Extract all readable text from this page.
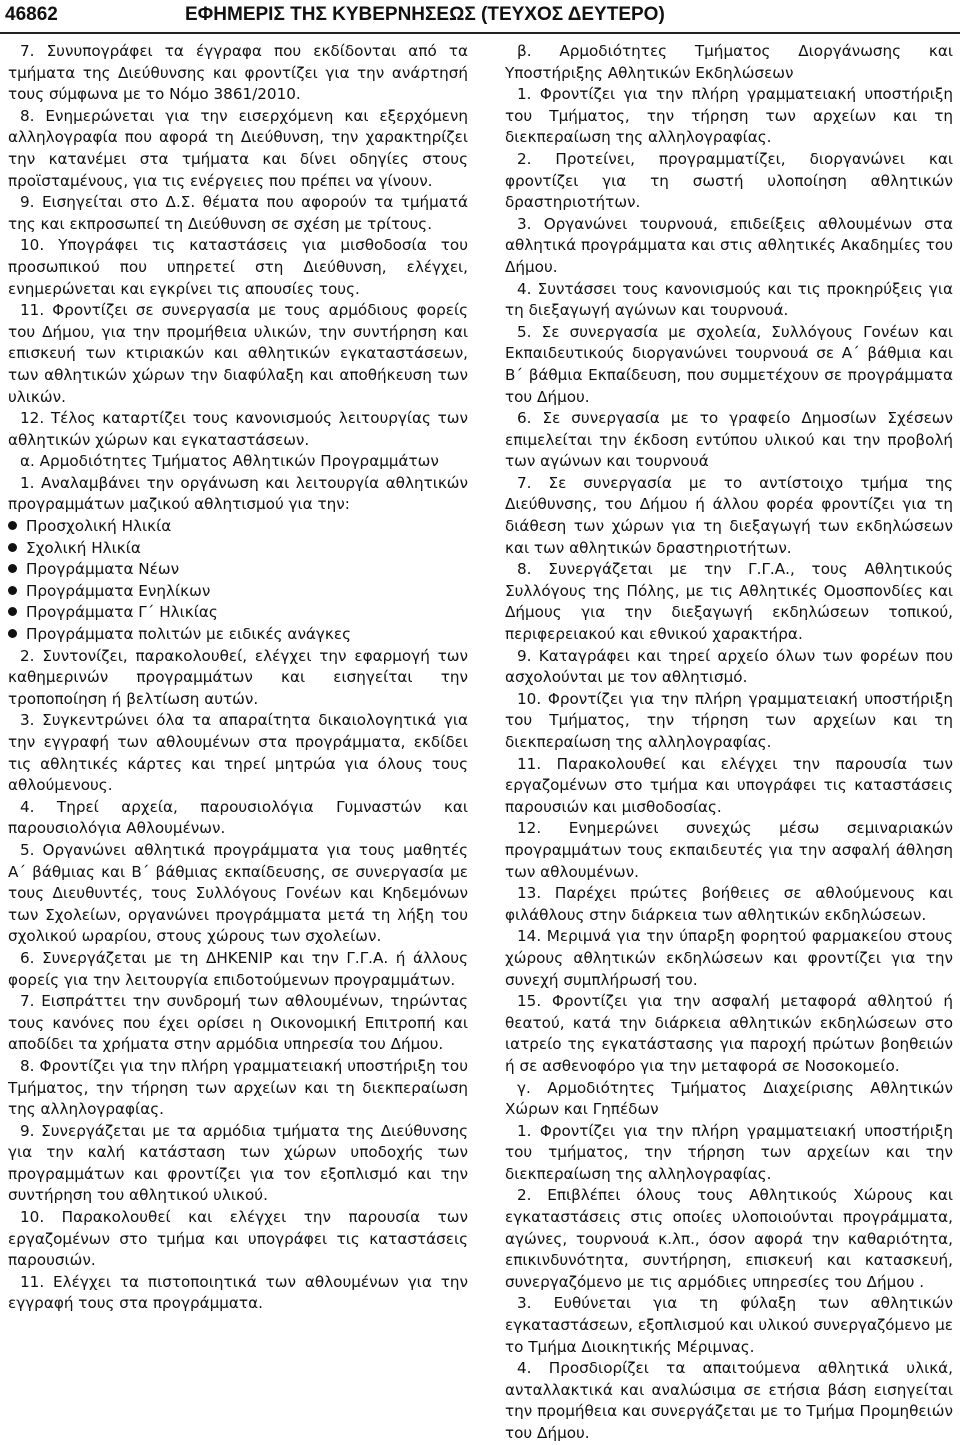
46862	ΕΦΗΜΕΡΙΣ ΤΗΣ ΚΥΒΕΡΝΗΣΕΩΣ (ΤΕΥΧΟΣ ΔΕΥΤΕΡΟ)

7. Συνυπογράφει τα έγγραφα που εκδίδονται από τα τμήματα της Διεύθυνσης και φροντίζει για την ανάρτησή τους σύμφωνα με το Νόμο 3861/2010.

8. Ενημερώνεται για την εισερχόμενη και εξερχόμενη αλληλογραφία που αφορά τη Διεύθυνση, την χαρακτηρίζει την κατανέμει στα τμήματα και δίνει οδηγίες στους προϊσταμένους, για τις ενέργειες που πρέπει να γίνουν.

9. Εισηγείται στο Δ.Σ. θέματα που αφορούν τα τμήματά της και εκπροσωπεί τη Διεύθυνση σε σχέση με τρίτους.

10. Υπογράφει τις καταστάσεις για μισθοδοσία του προσωπικού που υπηρετεί στη Διεύθυνση, ελέγχει, ενημερώνεται και εγκρίνει τις απουσίες τους.

11. Φροντίζει σε συνεργασία με τους αρμόδιους φορείς του Δήμου, για την προμήθεια υλικών, την συντήρηση και επισκευή των κτιριακών και αθλητικών εγκαταστάσεων, των αθλητικών χώρων την διαφύλαξη και αποθήκευση των υλικών.

12. Τέλος καταρτίζει τους κανονισμούς λειτουργίας των αθλητικών χώρων και εγκαταστάσεων.

α. Αρμοδιότητες Τμήματος Αθλητικών Προγραμμάτων

1. Αναλαμβάνει την οργάνωση και λειτουργία αθλητικών προγραμμάτων μαζικού αθλητισμού για την:

Προσχολική Ηλικία
Σχολική Ηλικία
Προγράμματα Νέων
Προγράμματα Ενηλίκων
Προγράμματα Γ΄ Ηλικίας
Προγράμματα πολιτών με ειδικές ανάγκες

2. Συντονίζει, παρακολουθεί, ελέγχει την εφαρμογή των καθημερινών προγραμμάτων και εισηγείται την τροποποίηση ή βελτίωση αυτών.

3. Συγκεντρώνει όλα τα απαραίτητα δικαιολογητικά για την εγγραφή των αθλουμένων στα προγράμματα, εκδίδει τις αθλητικές κάρτες και τηρεί μητρώα για όλους τους αθλούμενους.

4. Τηρεί αρχεία, παρουσιολόγια Γυμναστών και παρουσιολόγια Αθλουμένων.

5. Οργανώνει αθλητικά προγράμματα για τους μαθητές Α΄ βάθμιας και Β΄ βάθμιας εκπαίδευσης, σε συνεργασία με τους Διευθυντές, τους Συλλόγους Γονέων και Κηδεμόνων των Σχολείων, οργανώνει προγράμματα μετά τη λήξη του σχολικού ωραρίου, στους χώρους των σχολείων.

6. Συνεργάζεται με τη ΔΗΚΕΝΙΡ και την Γ.Γ.Α. ή άλλους φορείς για την λειτουργία επιδοτούμενων προγραμμάτων.

7. Εισπράττει την συνδρομή των αθλουμένων, τηρώντας τους κανόνες που έχει ορίσει η Οικονομική Επιτροπή και αποδίδει τα χρήματα στην αρμόδια υπηρεσία του Δήμου.

8. Φροντίζει για την πλήρη γραμματειακή υποστήριξη του Τμήματος, την τήρηση των αρχείων και τη διεκπεραίωση της αλληλογραφίας.

9. Συνεργάζεται με τα αρμόδια τμήματα της Διεύθυνσης για την καλή κατάσταση των χώρων υποδοχής των προγραμμάτων και φροντίζει για τον εξοπλισμό και την συντήρηση του αθλητικού υλικού.

10. Παρακολουθεί και ελέγχει την παρουσία των εργαζομένων στο τμήμα και υπογράφει τις καταστάσεις παρουσιών.

11. Ελέγχει τα πιστοποιητικά των αθλουμένων για την εγγραφή τους στα προγράμματα.

β. Αρμοδιότητες Τμήματος Διοργάνωσης και Υποστήριξης Αθλητικών Εκδηλώσεων

1. Φροντίζει για την πλήρη γραμματειακή υποστήριξη του Τμήματος, την τήρηση των αρχείων και τη διεκπεραίωση της αλληλογραφίας.

2. Προτείνει, προγραμματίζει, διοργανώνει και φροντίζει για τη σωστή υλοποίηση αθλητικών δραστηριοτήτων.

3. Οργανώνει τουρνουά, επιδείξεις αθλουμένων στα αθλητικά προγράμματα και στις αθλητικές Ακαδημίες του Δήμου.

4. Συντάσσει τους κανονισμούς και τις προκηρύξεις για τη διεξαγωγή αγώνων και τουρνουά.

5. Σε συνεργασία με σχολεία, Συλλόγους Γονέων και Εκπαιδευτικούς διοργανώνει τουρνουά σε Α΄ βάθμια και Β΄ βάθμια Εκπαίδευση, που συμμετέχουν σε προγράμματα του Δήμου.

6. Σε συνεργασία με το γραφείο Δημοσίων Σχέσεων επιμελείται την έκδοση εντύπου υλικού και την προβολή των αγώνων και τουρνουά

7. Σε συνεργασία με το αντίστοιχο τμήμα της Διεύθυνσης, του Δήμου ή άλλου φορέα φροντίζει για τη διάθεση των χώρων για τη διεξαγωγή των εκδηλώσεων και των αθλητικών δραστηριοτήτων.

8. Συνεργάζεται με την Γ.Γ.Α., τους Αθλητικούς Συλλόγους της Πόλης, με τις Αθλητικές Ομοσπονδίες και Δήμους για την διεξαγωγή εκδηλώσεων τοπικού, περιφερειακού και εθνικού χαρακτήρα.

9. Καταγράφει και τηρεί αρχείο όλων των φορέων που ασχολούνται με τον αθλητισμό.

10. Φροντίζει για την πλήρη γραμματειακή υποστήριξη του Τμήματος, την τήρηση των αρχείων και τη διεκπεραίωση της αλληλογραφίας.

11. Παρακολουθεί και ελέγχει την παρουσία των εργαζομένων στο τμήμα και υπογράφει τις καταστάσεις παρουσιών και μισθοδοσίας.

12. Ενημερώνει συνεχώς μέσω σεμιναριακών προγραμμάτων τους εκπαιδευτές για την ασφαλή άθληση των αθλουμένων.

13. Παρέχει πρώτες βοήθειες σε αθλούμενους και φιλάθλους στην διάρκεια των αθλητικών εκδηλώσεων.

14. Μεριμνά για την ύπαρξη φορητού φαρμακείου στους χώρους αθλητικών εκδηλώσεων και φροντίζει για την συνεχή συμπλήρωσή του.

15. Φροντίζει για την ασφαλή μεταφορά αθλητού ή θεατού, κατά την διάρκεια αθλητικών εκδηλώσεων στο ιατρείο της εγκατάστασης για παροχή πρώτων βοηθειών ή σε ασθενοφόρο για την μεταφορά σε Νοσοκομείο.

γ. Αρμοδιότητες Τμήματος Διαχείρισης Αθλητικών Χώρων και Γηπέδων

1. Φροντίζει για την πλήρη γραμματειακή υποστήριξη του τμήματος, την τήρηση των αρχείων και την διεκπεραίωση της αλληλογραφίας.

2. Επιβλέπει όλους τους Αθλητικούς Χώρους και εγκαταστάσεις στις οποίες υλοποιούνται προγράμματα, αγώνες, τουρνουά κ.λπ., όσον αφορά την καθαριότητα, επικινδυνότητα, συντήρηση, επισκευή και κατασκευή, συνεργαζόμενο με τις αρμόδιες υπηρεσίες του Δήμου .

3. Ευθύνεται για τη φύλαξη των αθλητικών εγκαταστάσεων, εξοπλισμού και υλικού συνεργαζόμενο με το Τμήμα Διοικητικής Μέριμνας.

4. Προσδιορίζει τα απαιτούμενα αθλητικά υλικά, ανταλλακτικά και αναλώσιμα σε ετήσια βάση εισηγείται την προμήθεια και συνεργάζεται με το Τμήμα Προμηθειών του Δήμου.
